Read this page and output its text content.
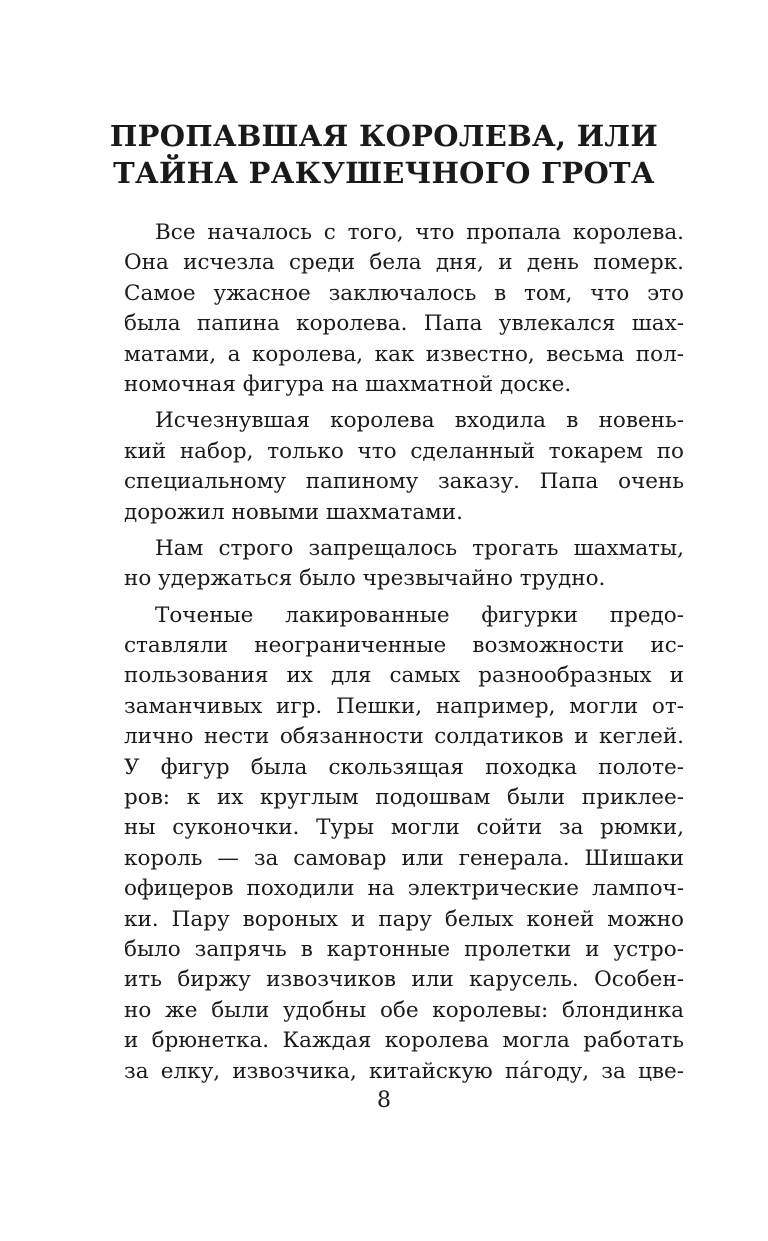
ПРОПАВШАЯ КОРОЛЕВА, ИЛИ
ТАЙНА РАКУШЕЧНОГО ГРОТА
Все началось с того, что пропала королева.
Она исчезла среди бела дня, и день померк.
Самое ужасное заключалось в том, что это
была папина королева. Папа увлекался шах-
матами, а королева, как известно, весьма пол-
номочная фигура на шахматной доске.
Исчезнувшая королева входила в новень-
кий набор, только что сделанный токарем по
специальному папиному заказу. Папа очень
дорожил новыми шахматами.
Нам строго запрещалось трогать шахматы,
но удержаться было чрезвычайно трудно.
Точеные лакированные фигурки предо-
ставляли неограниченные возможности ис-
пользования их для самых разнообразных и
заманчивых игр. Пешки, например, могли от-
лично нести обязанности солдатиков и кеглей.
У фигур была скользящая походка полоте-
ров: к их круглым подошвам были приклее-
ны суконочки. Туры могли сойти за рюмки,
король — за самовар или генерала. Шишаки
офицеров походили на электрические лампоч-
ки. Пару вороных и пару белых коней можно
было запрячь в картонные пролетки и устро-
ить биржу извозчиков или карусель. Особен-
но же были удобны обе королевы: блондинка
и брюнетка. Каждая королева могла работать
за елку, извозчика, китайскую пáгоду, за цве-
8
